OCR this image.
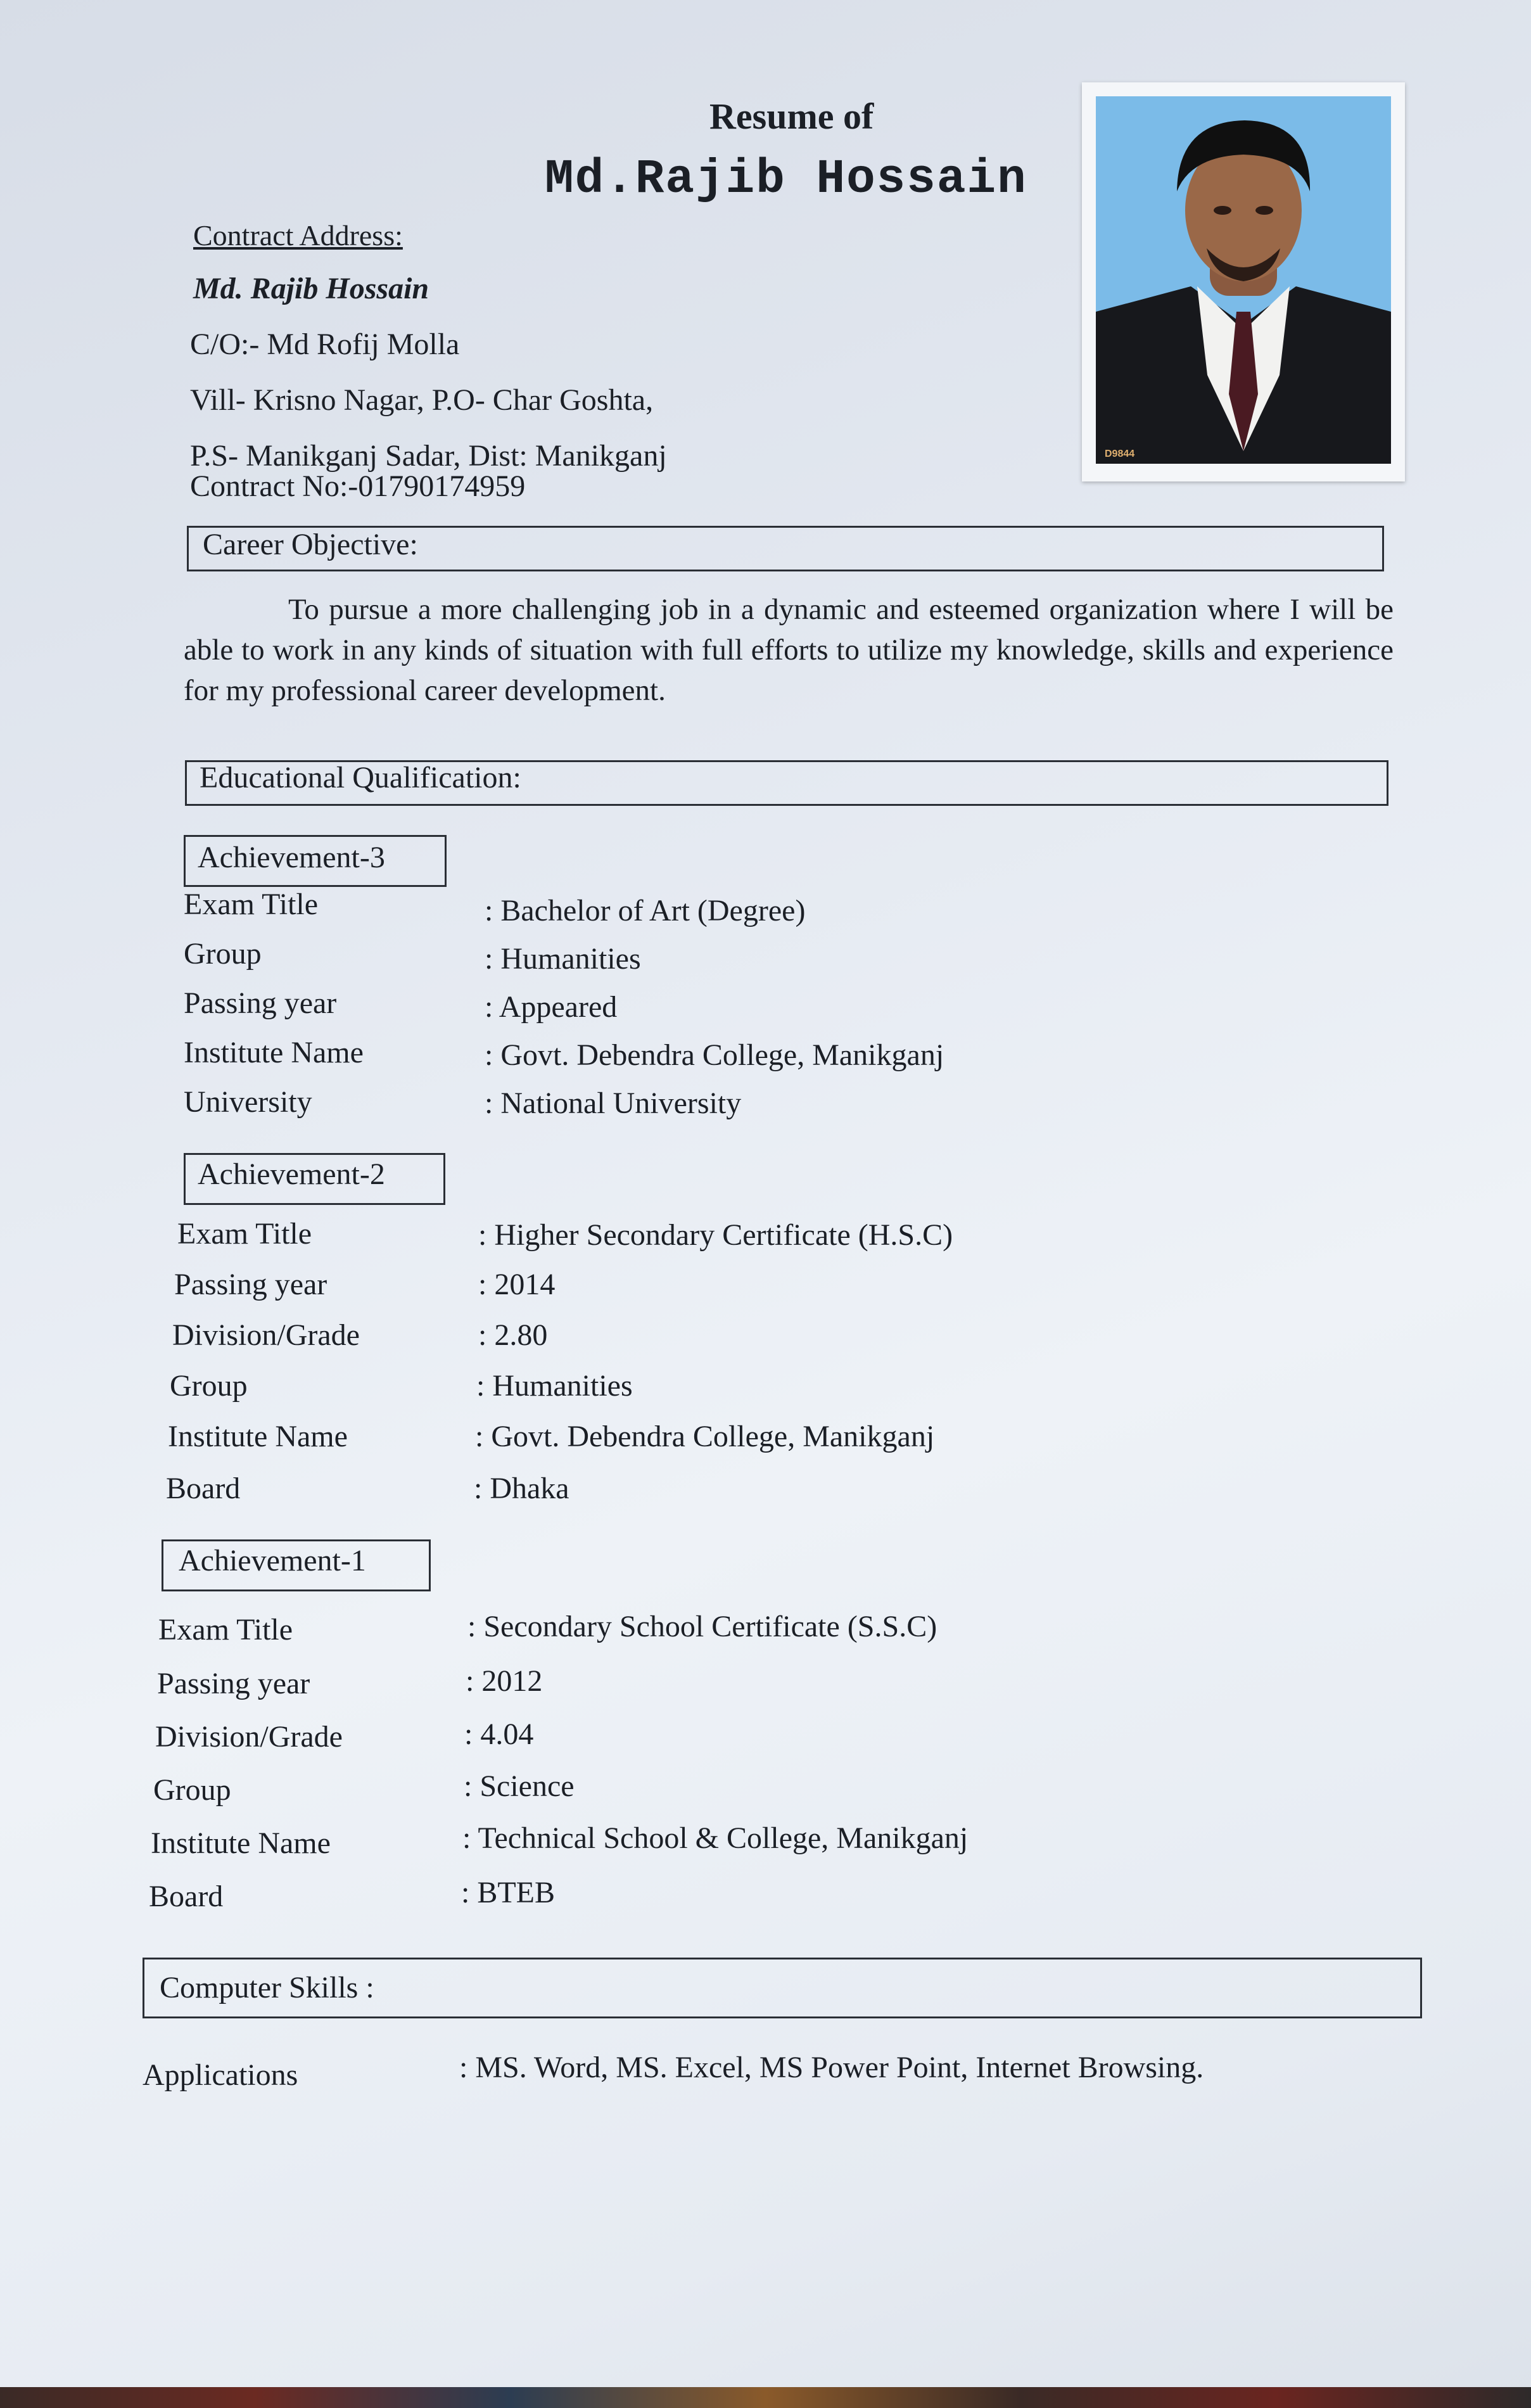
Resume of
Md.Rajib Hossain
D9844
Contract Address:
Md. Rajib Hossain
C/O:- Md Rofij Molla
Vill- Krisno Nagar, P.O- Char Goshta,
P.S- Manikganj Sadar, Dist: Manikganj
Contract No:-01790174959
Career Objective:
To pursue a more challenging job in a dynamic and esteemed organization where I will be able to work in any kinds of situation with full efforts to utilize my knowledge, skills and experience for my professional career development.
Educational Qualification:
Achievement-3
Exam Title	: Bachelor of Art (Degree)
Group	: Humanities
Passing year	: Appeared
Institute Name	: Govt. Debendra College, Manikganj
University	: National University
Achievement-2
Exam Title	: Higher Secondary Certificate (H.S.C)
Passing year	: 2014
Division/Grade	: 2.80
Group	: Humanities
Institute Name	: Govt. Debendra College, Manikganj
Board	: Dhaka
Achievement-1
Exam Title	: Secondary School Certificate (S.S.C)
Passing year	: 2012
Division/Grade	: 4.04
Group	: Science
Institute Name	: Technical School & College, Manikganj
Board	: BTEB
Computer Skills :
Applications	: MS. Word, MS. Excel, MS Power Point, Internet Browsing.
